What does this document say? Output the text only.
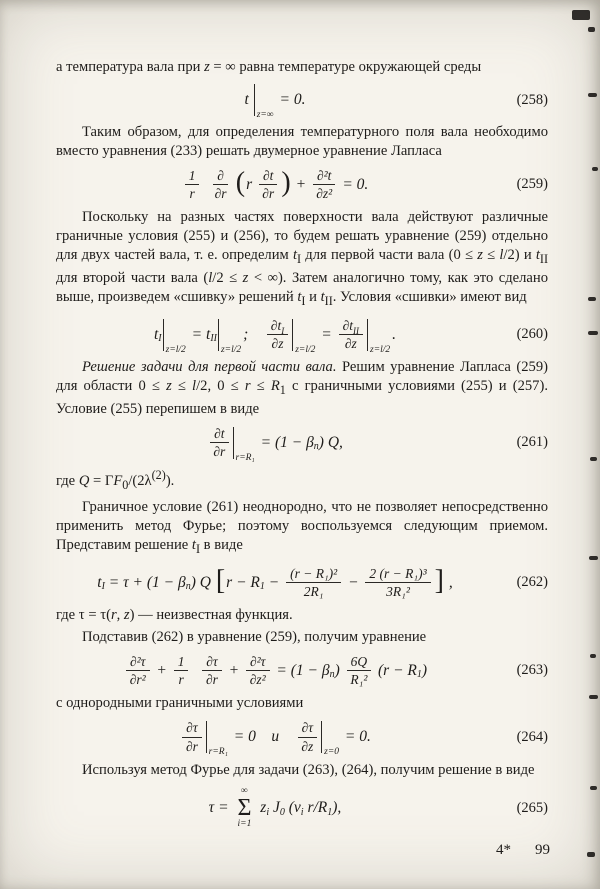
а температура вала при z = ∞ равна температуре окружающей среды

t
z=∞
= 0.	(258)

Таким образом, для определения температурного поля вала необходимо вместо уравнения (233) решать двумерное уравнение Лапласа

1
r

∂
∂r
( r
∂t
∂r ) + $\frac{\text{∂²t}}{\text{∂z²}} = 0$.	(259)

Поскольку на разных частях поверхности вала действуют различные граничные условия (255) и (256), то будем решать уравнение (259) отдельно для двух частей вала, т. е. определим $t_I$ для первой части вала (0 ≤ z ≤ l/2) и $t_{II}$ для второй части вала (l/2 ≤ z < ∞). Затем аналогично тому, как это сделано выше, произведем «сшивку» решений $t_I$ и $t_{II}$. Условия «сшивки» имеют вид

t I
z=l/2
= t II
z=l/2
;
∂t I
∂z z=l/2
=
∂t II
∂z z=l/2
.	(260)

Решение задачи для первой части вала. Решим уравнение Лапласа (259) для области 0 ≤ z ≤ l/2, $0 \le r \le R_1$ с граничными условиями (255) и (257). Условие (255) перепишем в виде

∂t
∂r r=R₁
= (1 − β п ) Q,	(261)

где $Q = \Gamma F_0/(2\lambda^{(2)})$.

Граничное условие (261) неоднородно, что не позволяет непосредственно применить метод Фурье; поэтому воспользуемся следующим приемом. Представим решение $t_I$ в виде

t I = τ + (1 − β п ) Q [ r − R $1 - \frac{\text{(r − R₁)²}}{\text{2R₁}} - \frac{\text{2 (r − R₁)³}}{\text{3R₁²}}$ ] ,	(262)

где τ = τ(r, z) — неизвестная функция.

Подставив (262) в уравнение (259), получим уравнение

∂²τ
∂r²
+ $\frac{1}{r}$
∂τ
∂r
+ $\frac{\text{∂²τ}}{\text{∂z²}} = (1 - \beta$ п )
6Q
R₁²
(r − R 1 )	(263)

с однородными граничными условиями

∂τ
∂r r=R₁
= 0    и
∂τ
∂z z=0
= 0.	(264)

Используя метод Фурье для задачи (263), (264), получим решение в виде

τ =
∞
Σ
i=1
z i J 0 (ν i r/R 1 ),	(265)
4* 99
